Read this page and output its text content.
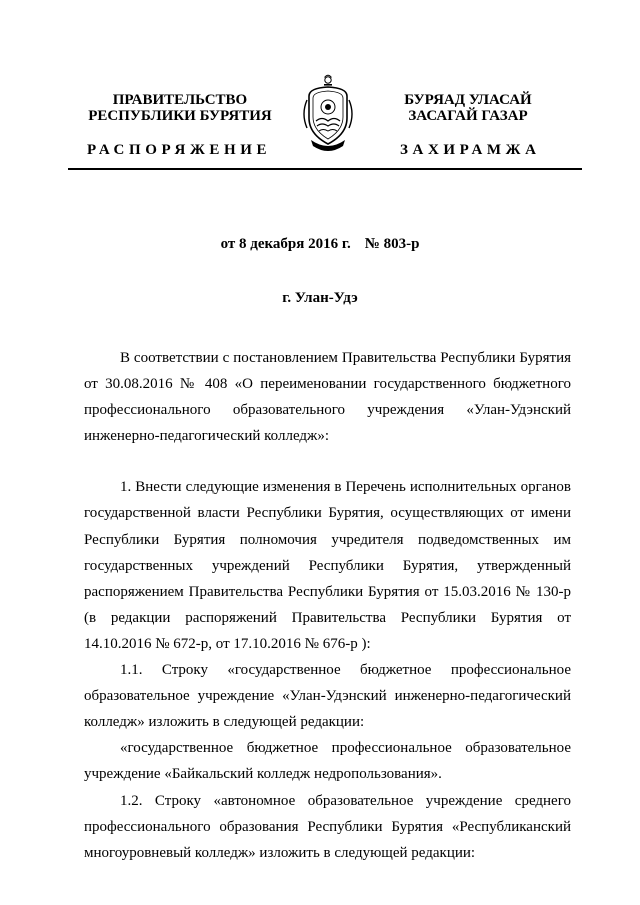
ПРАВИТЕЛЬСТВО
РЕСПУБЛИКИ БУРЯТИЯ
БУРЯАД УЛАСАЙ
ЗАСАГАЙ ГАЗАР
РАСПОРЯЖЕНИЕ	ЗАХИРАМЖА
от 8 декабря 2016 г. № 803-р
г. Улан-Удэ

В соответствии с постановлением Правительства Республики Бурятия от 30.08.2016 № 408 «О переименовании государственного бюджетного профессионального образовательного учреждения «Улан-Удэнский инженерно-педагогический колледж»:

1. Внести следующие изменения в Перечень исполнительных органов государственной власти Республики Бурятия, осуществляющих от имени Республики Бурятия полномочия учредителя подведомственных им государственных учреждений Республики Бурятия, утвержденный распоряжением Правительства Республики Бурятия от 15.03.2016 № 130-р (в редакции распоряжений Правительства Республики Бурятия от 14.10.2016 № 672-р, от 17.10.2016 № 676-р ):

1.1. Строку «государственное бюджетное профессиональное образовательное учреждение «Улан-Удэнский инженерно-педагогический колледж» изложить в следующей редакции:

«государственное бюджетное профессиональное образовательное учреждение «Байкальский колледж недропользования».

1.2. Строку «автономное образовательное учреждение среднего профессионального образования Республики Бурятия «Республиканский многоуровневый колледж» изложить в следующей редакции:
